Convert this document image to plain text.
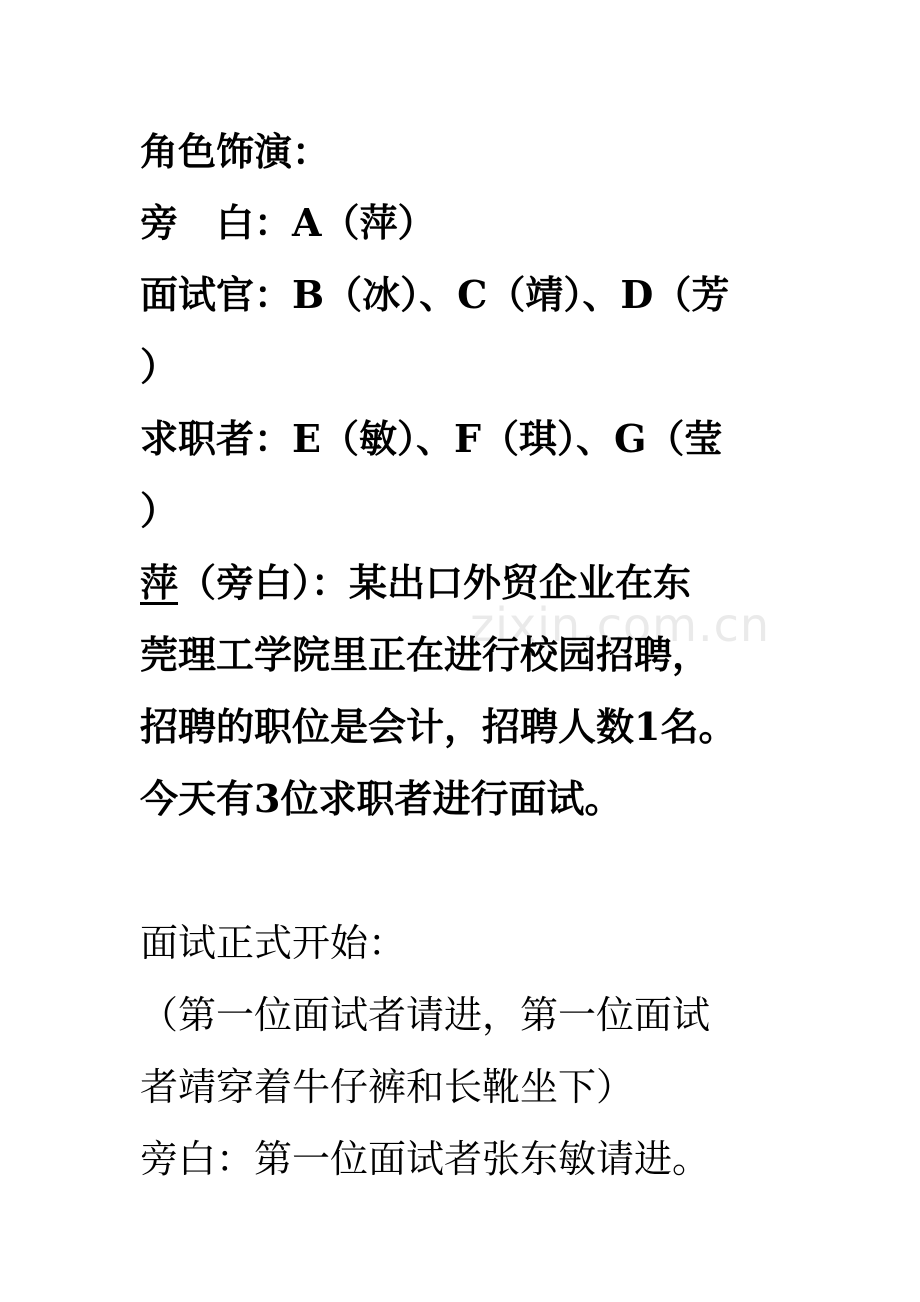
zixin.com.cn
角色饰演：
旁 白：A（萍）
面试官：B（冰）、C（靖）、D（芳
）
求职者：E（敏）、F（琪）、G（莹
）
萍（旁白）：某出口外贸企业在东
莞理工学院里正在进行校园招聘，
招聘的职位是会计，招聘人数1名。
今天有3位求职者进行面试。
面试正式开始：
（第一位面试者请进，第一位面试
者靖穿着牛仔裤和长靴坐下）
旁白：第一位面试者张东敏请进。
